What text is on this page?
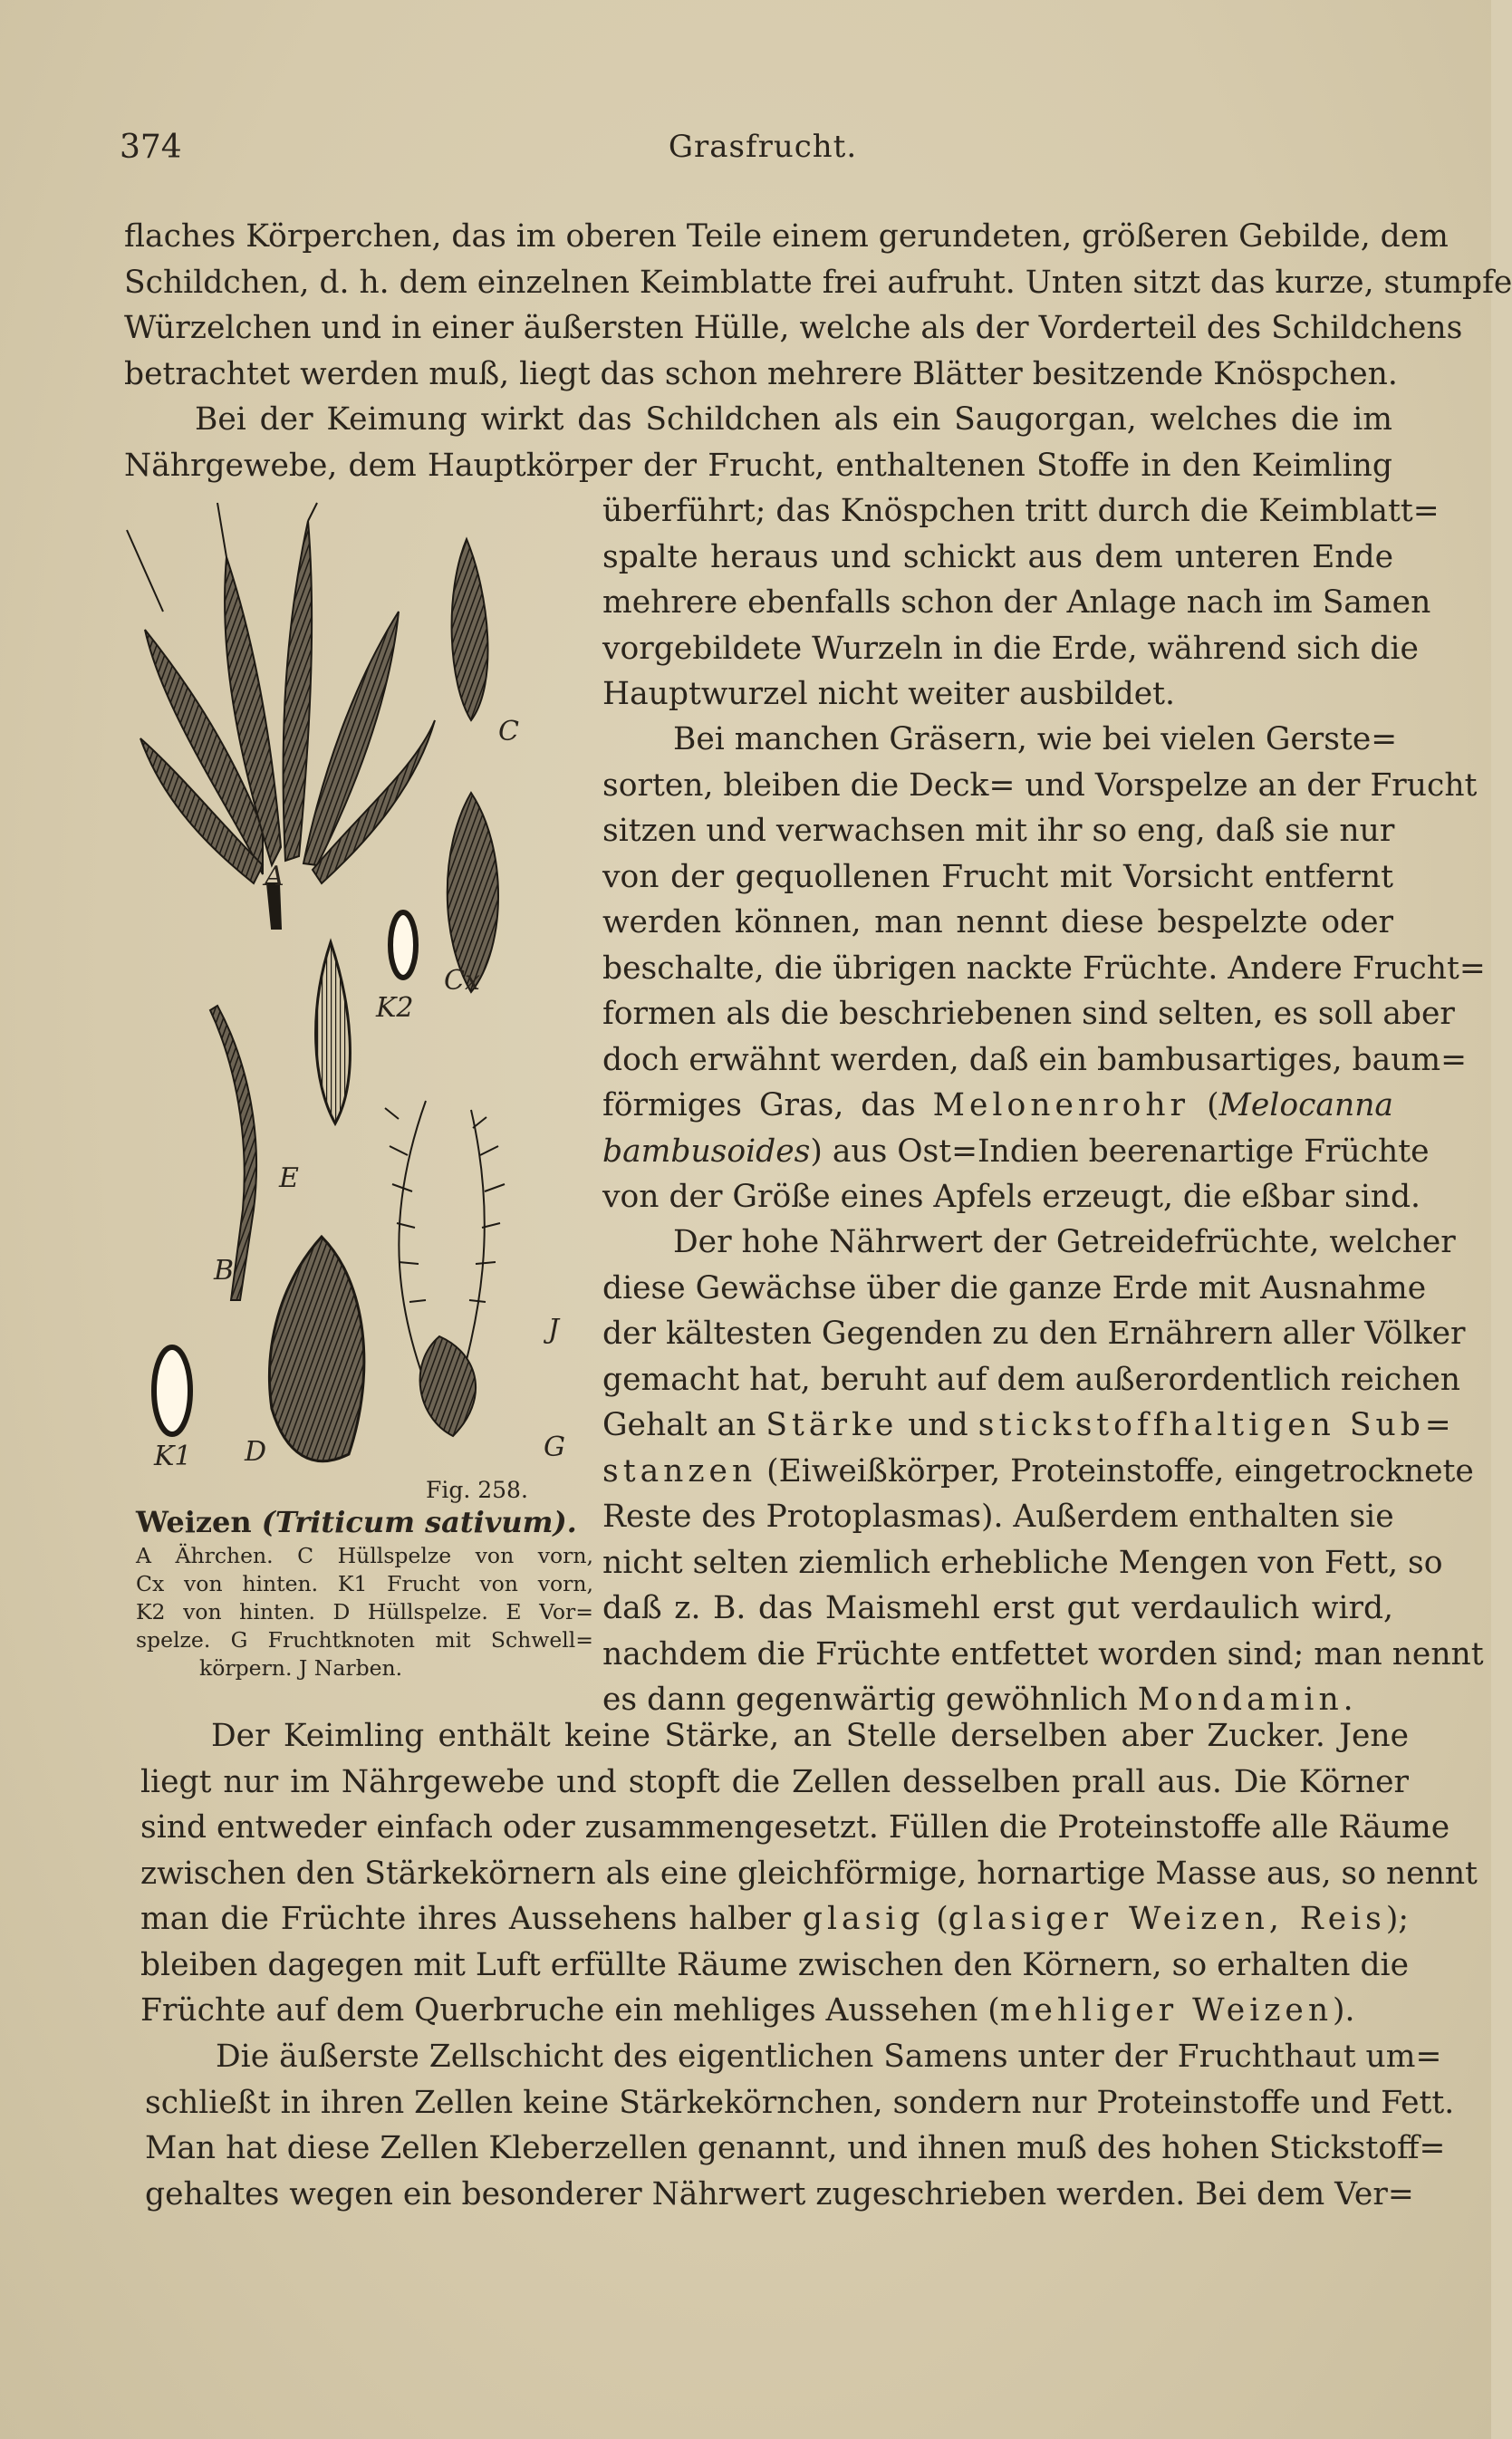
374	Grasfrucht.
flaches Körperchen, das im oberen Teile einem gerundeten, größeren Gebilde, dem
Schildchen, d. h. dem einzelnen Keimblatte frei aufruht. Unten sitzt das kurze, stumpfe
Würzelchen und in einer äußersten Hülle, welche als der Vorderteil des Schildchens
betrachtet werden muß, liegt das schon mehrere Blätter besitzende Knöspchen.
Bei der Keimung wirkt das Schildchen als ein Saugorgan, welches die im
Nährgewebe, dem Hauptkörper der Frucht, enthaltenen Stoffe in den Keimling
überführt; das Knöspchen tritt durch die Keimblatt=
spalte heraus und schickt aus dem unteren Ende
mehrere ebenfalls schon der Anlage nach im Samen
vorgebildete Wurzeln in die Erde, während sich die
Hauptwurzel nicht weiter ausbildet.
Bei manchen Gräsern, wie bei vielen Gerste=
sorten, bleiben die Deck= und Vorspelze an der Frucht
sitzen und verwachsen mit ihr so eng, daß sie nur
von der gequollenen Frucht mit Vorsicht entfernt
werden können, man nennt diese bespelzte oder
beschalte, die übrigen nackte Früchte. Andere Frucht=
formen als die beschriebenen sind selten, es soll aber
doch erwähnt werden, daß ein bambusartiges, baum=
förmiges Gras, das Melonenrohr (Melocanna
bambusoides) aus Ost=Indien beerenartige Früchte
von der Größe eines Apfels erzeugt, die eßbar sind.
Der hohe Nährwert der Getreidefrüchte, welcher
diese Gewächse über die ganze Erde mit Ausnahme
der kältesten Gegenden zu den Ernährern aller Völker
gemacht hat, beruht auf dem außerordentlich reichen
Gehalt an Stärke und stickstoffhaltigen Sub=
stanzen (Eiweißkörper, Proteinstoffe, eingetrocknete
Reste des Protoplasmas). Außerdem enthalten sie
nicht selten ziemlich erhebliche Mengen von Fett, so
daß z. B. das Maismehl erst gut verdaulich wird,
nachdem die Früchte entfettet worden sind; man nennt
es dann gegenwärtig gewöhnlich Mondamin.
Der Keimling enthält keine Stärke, an Stelle derselben aber Zucker. Jene
liegt nur im Nährgewebe und stopft die Zellen desselben prall aus. Die Körner
sind entweder einfach oder zusammengesetzt. Füllen die Proteinstoffe alle Räume
zwischen den Stärkekörnern als eine gleichförmige, hornartige Masse aus, so nennt
man die Früchte ihres Aussehens halber glasig (glasiger Weizen, Reis);
bleiben dagegen mit Luft erfüllte Räume zwischen den Körnern, so erhalten die
Früchte auf dem Querbruche ein mehliges Aussehen (mehliger Weizen).
Die äußerste Zellschicht des eigentlichen Samens unter der Fruchthaut um=
schließt in ihren Zellen keine Stärkekörnchen, sondern nur Proteinstoffe und Fett.
Man hat diese Zellen Kleberzellen genannt, und ihnen muß des hohen Stickstoff=
gehaltes wegen ein besonderer Nährwert zugeschrieben werden. Bei dem Ver=
A
C
Cx
K2
E
B
K1 D	G
J
Fig. 258.
Weizen (Triticum sativum).
A Ährchen. C Hüllspelze von vorn,
Cx von hinten. K1 Frucht von vorn,
K2 von hinten. D Hüllspelze. E Vor=
spelze. G Fruchtknoten mit Schwell=
körpern. J Narben.
